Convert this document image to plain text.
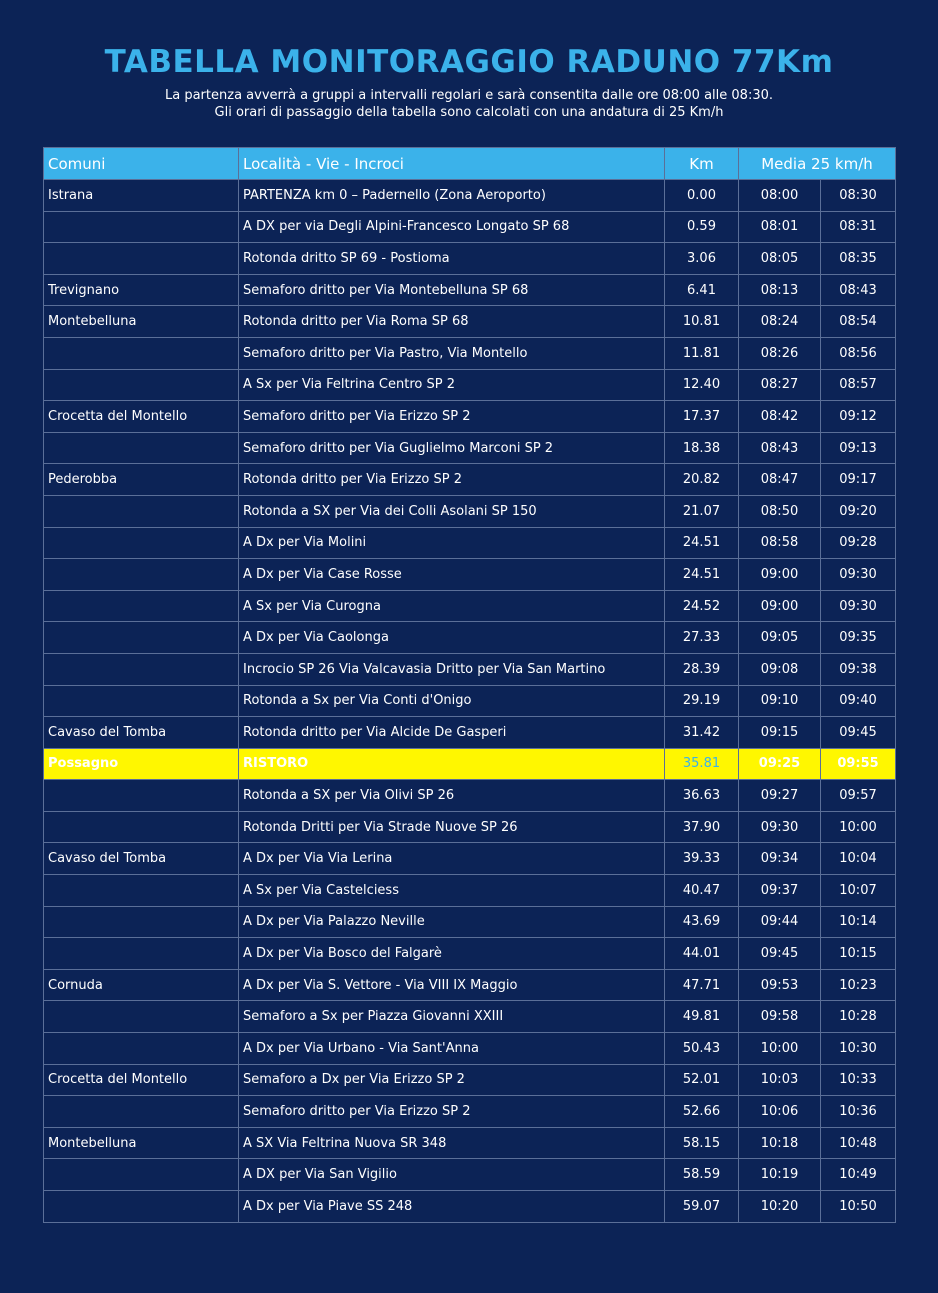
TABELLA MONITORAGGIO RADUNO 77Km
La partenza avverrà a gruppi a intervalli regolari e sarà consentita dalle ore 08:00 alle 08:30.
Gli orari di passaggio della tabella sono calcolati con una andatura di 25 Km/h
Comuni	Località - Vie - Incroci	Km	Media 25 km/h	
Istrana	PARTENZA km 0 – Padernello (Zona Aeroporto)	0.00	08:00	08:30
	A DX per via Degli Alpini-Francesco Longato SP 68	0.59	08:01	08:31
	Rotonda dritto SP 69 - Postioma	3.06	08:05	08:35
Trevignano	Semaforo dritto per Via Montebelluna SP 68	6.41	08:13	08:43
Montebelluna	Rotonda dritto per Via Roma SP 68	10.81	08:24	08:54
	Semaforo dritto per Via Pastro, Via Montello	11.81	08:26	08:56
	A Sx per Via Feltrina Centro SP 2	12.40	08:27	08:57
Crocetta del Montello	Semaforo dritto per Via Erizzo SP 2	17.37	08:42	09:12
	Semaforo dritto per Via Guglielmo Marconi SP 2	18.38	08:43	09:13
Pederobba	Rotonda dritto per Via Erizzo SP 2	20.82	08:47	09:17
	Rotonda a SX per Via dei Colli Asolani SP 150	21.07	08:50	09:20
	A Dx per Via Molini	24.51	08:58	09:28
	A Dx per Via Case Rosse	24.51	09:00	09:30
	A Sx per Via Curogna	24.52	09:00	09:30
	A Dx per Via Caolonga	27.33	09:05	09:35
	Incrocio SP 26 Via Valcavasia Dritto per Via San Martino	28.39	09:08	09:38
	Rotonda a Sx per Via Conti d'Onigo	29.19	09:10	09:40
Cavaso del Tomba	Rotonda dritto per Via Alcide De Gasperi	31.42	09:15	09:45
Possagno	RISTORO	35.81	09:25	09:55
	Rotonda a SX per Via Olivi SP 26	36.63	09:27	09:57
	Rotonda Dritti per Via Strade Nuove SP 26	37.90	09:30	10:00
Cavaso del Tomba	A Dx per Via Via Lerina	39.33	09:34	10:04
	A Sx per Via Castelciess	40.47	09:37	10:07
	A Dx per Via Palazzo Neville	43.69	09:44	10:14
	A Dx per Via Bosco del Falgarè	44.01	09:45	10:15
Cornuda	A Dx per Via S. Vettore - Via VIII IX Maggio	47.71	09:53	10:23
	Semaforo a Sx per Piazza Giovanni XXIII	49.81	09:58	10:28
	A Dx per Via Urbano - Via Sant'Anna	50.43	10:00	10:30
Crocetta del Montello	Semaforo a Dx per Via Erizzo SP 2	52.01	10:03	10:33
	Semaforo dritto per Via Erizzo SP 2	52.66	10:06	10:36
Montebelluna	A SX Via Feltrina Nuova SR 348	58.15	10:18	10:48
	A DX per Via San Vigilio	58.59	10:19	10:49
	A Dx per Via Piave SS 248	59.07	10:20	10:50
